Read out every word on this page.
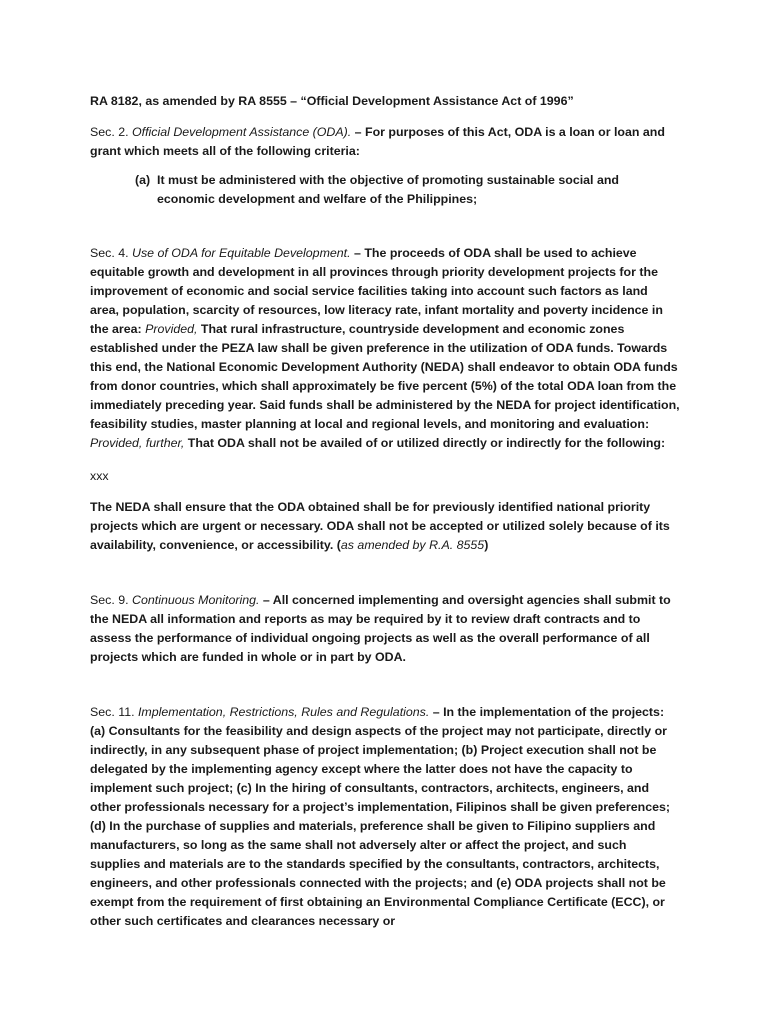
RA 8182, as amended by RA 8555 – “Official Development Assistance Act of 1996”

Sec. 2. Official Development Assistance (ODA). – For purposes of this Act, ODA is a loan or loan and grant which meets all of the following criteria:

(a) It must be administered with the objective of promoting sustainable social and economic development and welfare of the Philippines;

Sec. 4. Use of ODA for Equitable Development. – The proceeds of ODA shall be used to achieve equitable growth and development in all provinces through priority development projects for the improvement of economic and social service facilities taking into account such factors as land area, population, scarcity of resources, low literacy rate, infant mortality and poverty incidence in the area: Provided, That rural infrastructure, countryside development and economic zones established under the PEZA law shall be given preference in the utilization of ODA funds. Towards this end, the National Economic Development Authority (NEDA) shall endeavor to obtain ODA funds from donor countries, which shall approximately be five percent (5%) of the total ODA loan from the immediately preceding year. Said funds shall be administered by the NEDA for project identification, feasibility studies, master planning at local and regional levels, and monitoring and evaluation: Provided, further, That ODA shall not be availed of or utilized directly or indirectly for the following:

xxx

The NEDA shall ensure that the ODA obtained shall be for previously identified national priority projects which are urgent or necessary. ODA shall not be accepted or utilized solely because of its availability, convenience, or accessibility. (as amended by R.A. 8555)

Sec. 9. Continuous Monitoring. – All concerned implementing and oversight agencies shall submit to the NEDA all information and reports as may be required by it to review draft contracts and to assess the performance of individual ongoing projects as well as the overall performance of all projects which are funded in whole or in part by ODA.

Sec. 11. Implementation, Restrictions, Rules and Regulations. – In the implementation of the projects: (a) Consultants for the feasibility and design aspects of the project may not participate, directly or indirectly, in any subsequent phase of project implementation; (b) Project execution shall not be delegated by the implementing agency except where the latter does not have the capacity to implement such project; (c) In the hiring of consultants, contractors, architects, engineers, and other professionals necessary for a project’s implementation, Filipinos shall be given preferences; (d) In the purchase of supplies and materials, preference shall be given to Filipino suppliers and manufacturers, so long as the same shall not adversely alter or affect the project, and such supplies and materials are to the standards specified by the consultants, contractors, architects, engineers, and other professionals connected with the projects; and (e) ODA projects shall not be exempt from the requirement of first obtaining an Environmental Compliance Certificate (ECC), or other such certificates and clearances necessary or
